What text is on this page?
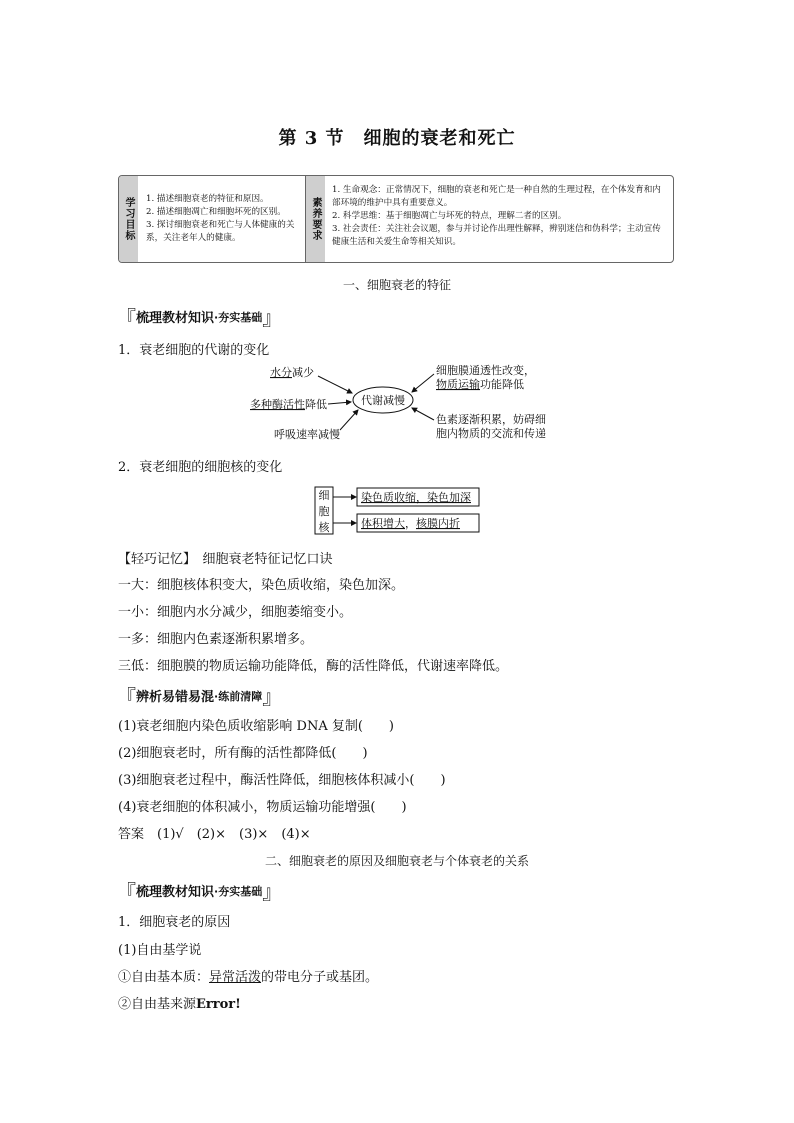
第 3 节　细胞的衰老和死亡
学习目标 1. 描述细胞衰老的特征和原因。
2. 描述细胞凋亡和细胞坏死的区别。
3. 探讨细胞衰老和死亡与人体健康的关系，关注老年人的健康。	素养要求
1. 生命观念：正常情况下，细胞的衰老和死亡是一种自然的生理过程，在个体发育和内部环境的维护中具有重要意义。
2. 科学思维：基于细胞凋亡与坏死的特点，理解二者的区别。
3. 社会责任：关注社会议题，参与并讨论作出理性解释，辨别迷信和伪科学；主动宣传健康生活和关爱生命等相关知识。
一、细胞衰老的特征
『 梳理教材知识 ·夯实基础 』
1．衰老细胞的代谢的变化
代谢减慢
水分减少
多种酶活性降低
呼吸速率减慢
细胞膜通透性改变，
物质运输功能降低
色素逐渐积累，妨碍细
胞内物质的交流和传递
2．衰老细胞的细胞核的变化
细
胞
核
染色质收缩，染色加深
体积增大，核膜内折
【轻巧记忆】　细胞衰老特征记忆口诀
一大：细胞核体积变大，染色质收缩，染色加深。
一小：细胞内水分减少，细胞萎缩变小。
一多：细胞内色素逐渐积累增多。
三低：细胞膜的物质运输功能降低，酶的活性降低，代谢速率降低。
『 辨析易错易混 ·练前清障 』
(1)衰老细胞内染色质收缩影响 DNA 复制(　　)
(2)细胞衰老时，所有酶的活性都降低(　　)
(3)细胞衰老过程中，酶活性降低，细胞核体积减小(　　)
(4)衰老细胞的体积减小，物质运输功能增强(　　)
答案　(1)√　(2)×　(3)×　(4)×
二、细胞衰老的原因及细胞衰老与个体衰老的关系
『 梳理教材知识 ·夯实基础 』
1．细胞衰老的原因
(1)自由基学说
①自由基本质：异常活泼的带电分子或基团。
②自由基来源Error!
